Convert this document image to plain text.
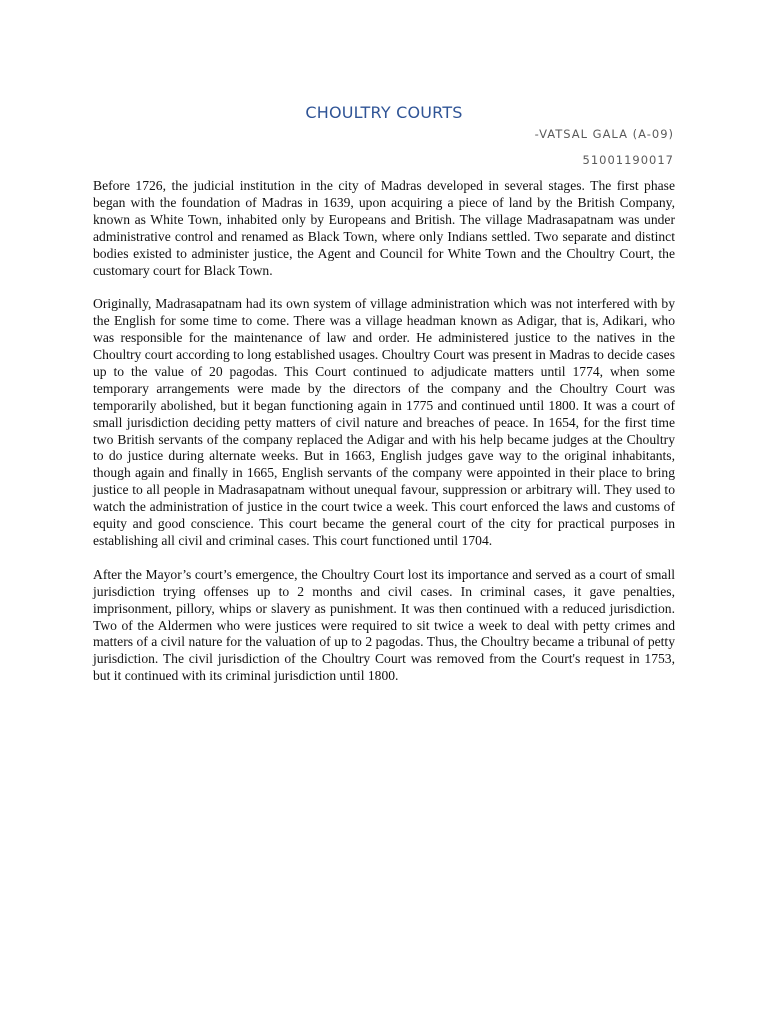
CHOULTRY COURTS
-VATSAL GALA (A-09)
51001190017

Before 1726, the judicial institution in the city of Madras developed in several stages. The first phase began with the foundation of Madras in 1639, upon acquiring a piece of land by the British Company, known as White Town, inhabited only by Europeans and British. The village Madrasapatnam was under administrative control and renamed as Black Town, where only Indians settled. Two separate and distinct bodies existed to administer justice, the Agent and Council for White Town and the Choultry Court, the customary court for Black Town.

Originally, Madrasapatnam had its own system of village administration which was not interfered with by the English for some time to come. There was a village headman known as Adigar, that is, Adikari, who was responsible for the maintenance of law and order. He administered justice to the natives in the Choultry court according to long established usages. Choultry Court was present in Madras to decide cases up to the value of 20 pagodas. This Court continued to adjudicate matters until 1774, when some temporary arrangements were made by the directors of the company and the Choultry Court was temporarily abolished, but it began functioning again in 1775 and continued until 1800. It was a court of small jurisdiction deciding petty matters of civil nature and breaches of peace. In 1654, for the first time two British servants of the company replaced the Adigar and with his help became judges at the Choultry to do justice during alternate weeks. But in 1663, English judges gave way to the original inhabitants, though again and finally in 1665, English servants of the company were appointed in their place to bring justice to all people in Madrasapatnam without unequal favour, suppression or arbitrary will. They used to watch the administration of justice in the court twice a week. This court enforced the laws and customs of equity and good conscience. This court became the general court of the city for practical purposes in establishing all civil and criminal cases. This court functioned until 1704.

After the Mayor’s court’s emergence, the Choultry Court lost its importance and served as a court of small jurisdiction trying offenses up to 2 months and civil cases. In criminal cases, it gave penalties, imprisonment, pillory, whips or slavery as punishment. It was then continued with a reduced jurisdiction. Two of the Aldermen who were justices were required to sit twice a week to deal with petty crimes and matters of a civil nature for the valuation of up to 2 pagodas. Thus, the Choultry became a tribunal of petty jurisdiction. The civil jurisdiction of the Choultry Court was removed from the Court's request in 1753, but it continued with its criminal jurisdiction until 1800.
